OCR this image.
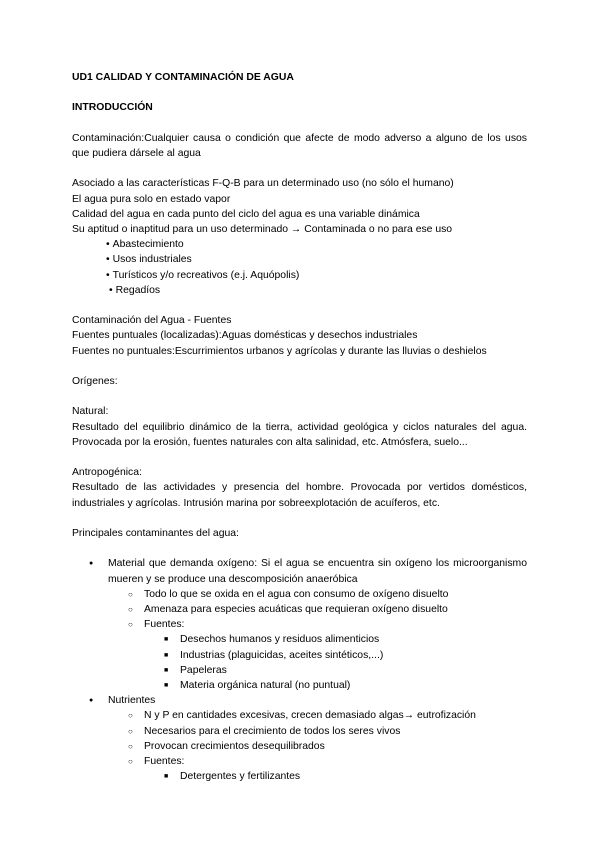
UD1 CALIDAD Y CONTAMINACIÓN DE AGUA

INTRODUCCIÓN

Contaminación:Cualquier causa o condición que afecte de modo adverso a alguno de los usos que pudiera dársele al agua

Asociado a las características F-Q-B para un determinado uso (no sólo el humano)

El agua pura solo en estado vapor

Calidad del agua en cada punto del ciclo del agua es una variable dinámica

Su aptitud o inaptitud para un uso determinado → Contaminada o no para ese uso

• Abastecimiento
• Usos industriales
• Turísticos y/o recreativos (e.j. Aquópolis)
• Regadíos

Contaminación del Agua - Fuentes

Fuentes puntuales (localizadas):Aguas domésticas y desechos industriales

Fuentes no puntuales:Escurrimientos urbanos y agrícolas y durante las lluvias o deshielos

Orígenes:

Natural:

Resultado del equilibrio dinámico de la tierra, actividad geológica y ciclos naturales del agua. Provocada por la erosión, fuentes naturales con alta salinidad, etc. Atmósfera, suelo...

Antropogénica:

Resultado de las actividades y presencia del hombre. Provocada por vertidos domésticos, industriales y agrícolas. Intrusión marina por sobreexplotación de acuíferos, etc.

Principales contaminantes del agua:

● Material que demanda oxígeno: Si el agua se encuentra sin oxígeno los microorganismo mueren y se produce una descomposición anaeróbica
○ Todo lo que se oxida en el agua con consumo de oxígeno disuelto
○ Amenaza para especies acuáticas que requieran oxígeno disuelto
○ Fuentes:
■ Desechos humanos y residuos alimenticios
■ Industrias (plaguicidas, aceites sintéticos,...)
■ Papeleras
■ Materia orgánica natural (no puntual)
● Nutrientes
○ N y P en cantidades excesivas, crecen demasiado algas→ eutrofización
○ Necesarios para el crecimiento de todos los seres vivos
○ Provocan crecimientos desequilibrados
○ Fuentes:
■ Detergentes y fertilizantes
